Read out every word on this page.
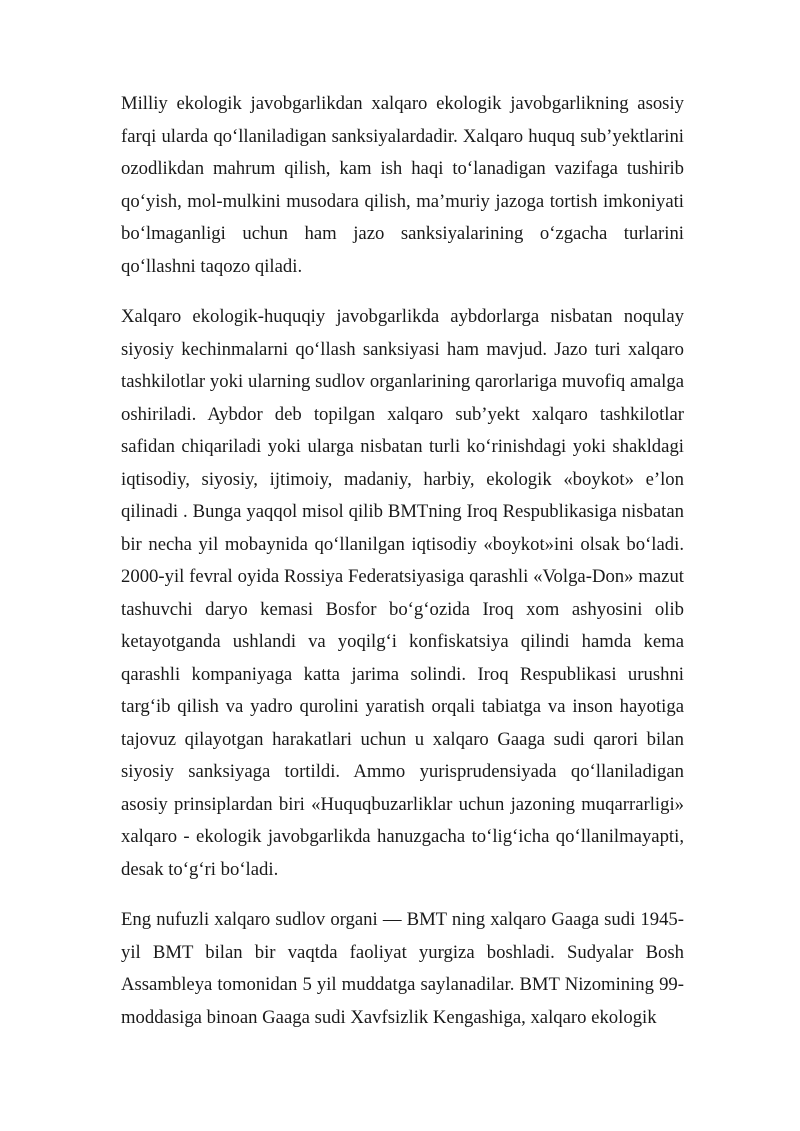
Milliy ekologik javobgarlikdan xalqaro ekologik javobgarlikning asosiy farqi ularda qo‘llaniladigan sanksiyalardadir. Xalqaro huquq sub’yektlarini ozodlikdan mahrum qilish, kam ish haqi to‘lanadigan vazifaga tushirib qo‘yish, mol-mulkini musodara qilish, ma’muriy jazoga tortish imkoniyati bo‘lmaganligi uchun ham jazo sanksiyalarining o‘zgacha turlarini qo‘llashni taqozo qiladi.

Xalqaro ekologik-huquqiy javobgarlikda aybdorlarga nisbatan noqulay siyosiy kechinmalarni qo‘llash sanksiyasi ham mavjud. Jazo turi xalqaro tashkilotlar yoki ularning sudlov organlarining qarorlariga muvofiq amalga oshiriladi. Aybdor deb topilgan xalqaro sub’yekt xalqaro tashkilotlar safidan chiqariladi yoki ularga nisbatan turli ko‘rinishdagi yoki shakldagi iqtisodiy, siyosiy, ijtimoiy, madaniy, harbiy, ekologik «boykot» e’lon qilinadi . Bunga yaqqol misol qilib BMTning Iroq Respublikasiga nisbatan bir necha yil mobaynida qo‘llanilgan iqtisodiy «boykot»ini olsak bo‘ladi. 2000-yil fevral oyida Rossiya Federatsiyasiga qarashli «Volga-Don» mazut tashuvchi daryo kemasi Bosfor bo‘g‘ozida Iroq xom ashyosini olib ketayotganda ushlandi va yoqilg‘i konfiskatsiya qilindi hamda kema qarashli kompaniyaga katta jarima solindi. Iroq Respublikasi urushni targ‘ib qilish va yadro qurolini yaratish orqali tabiatga va inson hayotiga tajovuz qilayotgan harakatlari uchun u xalqaro Gaaga sudi qarori bilan siyosiy sanksiyaga tortildi. Ammo yurisprudensiyada qo‘llaniladigan asosiy prinsiplardan biri «Huquqbuzarliklar uchun jazoning muqarrarligi» xalqaro - ekologik javobgarlikda hanuzgacha to‘lig‘icha qo‘llanilmayapti, desak to‘g‘ri bo‘ladi.

Eng nufuzli xalqaro sudlov organi — BMT ning xalqaro Gaaga sudi 1945-yil BMT bilan bir vaqtda faoliyat yurgiza boshladi. Sudyalar Bosh Assambleya tomonidan 5 yil muddatga saylanadilar. BMT Nizomining 99-moddasiga binoan Gaaga sudi Xavfsizlik Kengashiga, xalqaro ekologik
